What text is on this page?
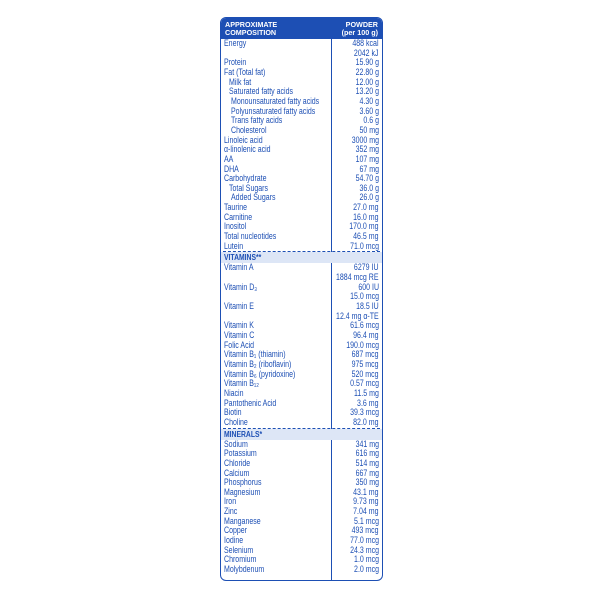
APPROXIMATE
COMPOSITION
POWDER
(per 100 g)
Energy	488 kcal
2042 kJ
Protein	15.90 g
Fat (Total fat)	22.80 g
Milk fat	12.00 g
Saturated fatty acids	13.20 g
Monounsaturated fatty acids	4.30 g
Polyunsaturated fatty acids	3.60 g
Trans fatty acids	0.6 g
Cholesterol	50 mg
Linoleic acid	3000 mg
α-linolenic acid	352 mg
AA	107 mg
DHA	67 mg
Carbohydrate	54.70 g
Total Sugars	36.0 g
Added Sugars	26.0 g
Taurine	27.0 mg
Carnitine	16.0 mg
Inositol	170.0 mg
Total nucleotides	46.5 mg
Lutein	71.0 mcg
VITAMINS**
Vitamin A	6279 IU
1884 mcg RE
Vitamin D₃	600 IU
15.0 mcg
Vitamin E	18.5 IU
12.4 mg α-TE
Vitamin K	61.6 mcg
Vitamin C	96.4 mg
Folic Acid	190.0 mcg
Vitamin B₁ (thiamin)	687 mcg
Vitamin B₂ (riboflavin)	975 mcg
Vitamin B₆ (pyridoxine)	520 mcg
Vitamin B₁₂	0.57 mcg
Niacin	11.5 mg
Pantothenic Acid	3.6 mg
Biotin	39.3 mcg
Choline	82.0 mg
MINERALS*
Sodium	341 mg
Potassium	616 mg
Chloride	514 mg
Calcium	667 mg
Phosphorus	350 mg
Magnesium	43.1 mg
Iron	9.73 mg
Zinc	7.04 mg
Manganese	5.1 mcg
Copper	493 mcg
Iodine	77.0 mcg
Selenium	24.3 mcg
Chromium	1.0 mcg
Molybdenum	2.0 mcg
